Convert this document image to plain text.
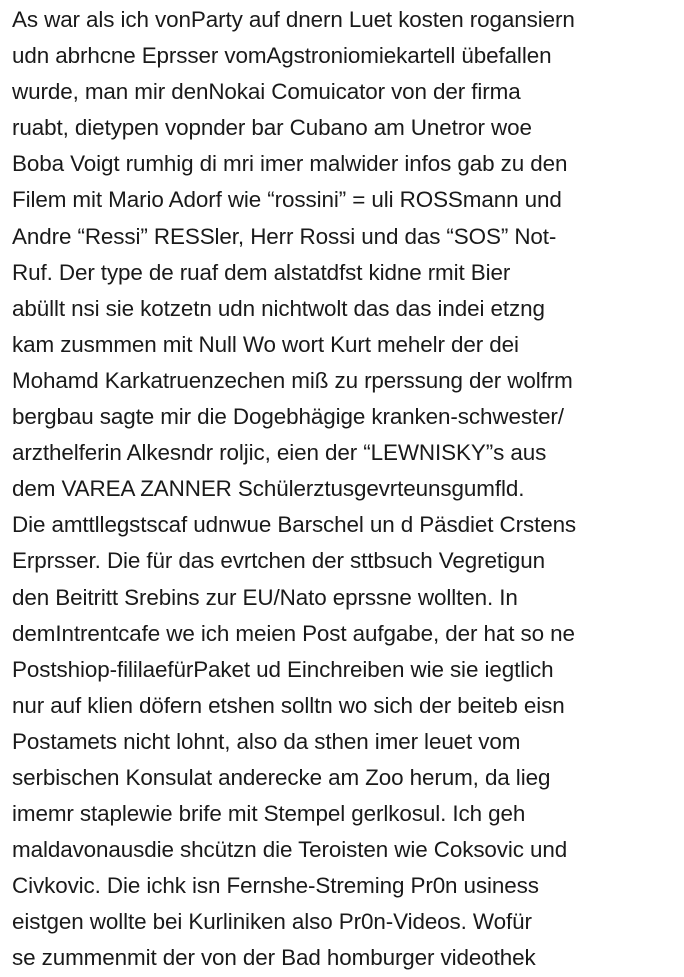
As war als ich vonParty auf dnern Luet kosten rogansiern
udn abrhcne Eprsser vomAgstroniomiekartell übefallen
wurde, man mir denNokai Comuicator von der firma
ruabt, dietypen vopnder bar Cubano am Unetror woe
Boba Voigt rumhig di mri imer malwider infos gab zu den
Filem mit Mario Adorf wie “rossini” = uli ROSSmann und
Andre “Ressi” RESSler, Herr Rossi und das “SOS” Not-
Ruf. Der type de ruaf dem alstatdfst kidne rmit Bier
abüllt nsi sie kotzetn udn nichtwolt das das indei etzng
kam zusmmen mit Null Wo wort Kurt mehelr der dei
Mohamd Karkatruenzechen miß zu rperssung der wolfrm
bergbau sagte mir die Dogebhägige kranken-schwester/
arzthelferin Alkesndr roljic, eien der “LEWNISKY”s aus
dem VAREA ZANNER Schülerztusgevrteunsgumfld.
Die amttllegstscaf udnwue Barschel un d Päsdiet Crstens
Erprsser. Die für das evrtchen der sttbsuch Vegretigun
den Beitritt Srebins zur EU/Nato eprssne wollten. In
demIntrentcafe we ich meien Post aufgabe, der hat so ne
Postshiop-fililaefürPaket ud Einchreiben wie sie iegtlich
nur auf klien döfern etshen solltn wo sich der beiteb eisn
Postamets nicht lohnt, also da sthen imer leuet vom
serbischen Konsulat anderecke am Zoo herum, da lieg
imemr staplewie brife mit Stempel gerlkosul. Ich geh
maldavonausdie shcützn die Teroisten wie Coksovic und
Civkovic. Die ichk isn Fernshe-Streming Pr0n usiness
eistgen wollte bei Kurliniken also Pr0n-Videos. Wofür
se zummenmit der von der Bad homburger videothek
